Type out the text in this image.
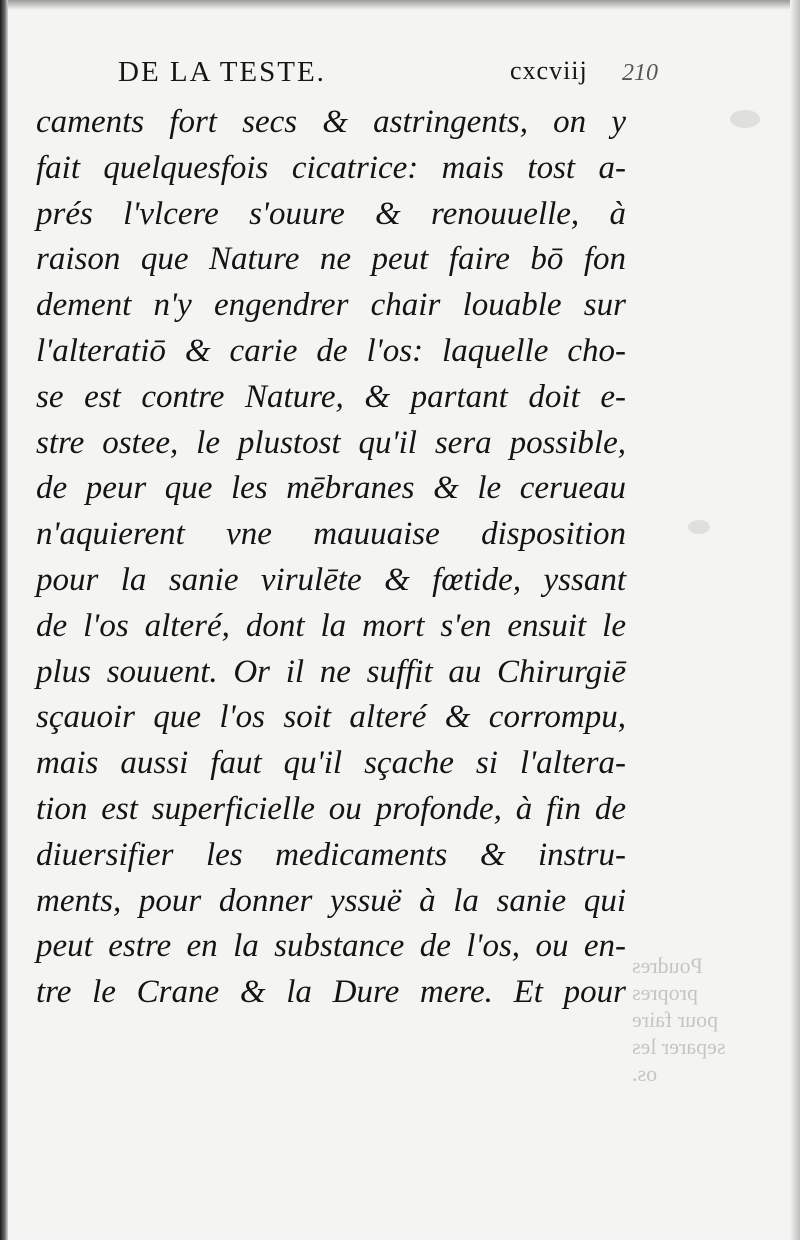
DE LA TESTE.	cxcviij 210
caments fort secs & astringents, on y
fait quelquesfois cicatrice: mais tost a-
prés l'vlcere s'ouure & renouuelle, à
raison que Nature ne peut faire bō fon
dement n'y engendrer chair louable sur
l'alteratiō & carie de l'os: laquelle cho-
se est contre Nature, & partant doit e-
stre ostee, le plustost qu'il sera possible,
de peur que les mēbranes & le cerueau
n'aquierent vne mauuaise disposition
pour la sanie virulēte & fœtide, yssant
de l'os alteré, dont la mort s'en ensuit le
plus souuent. Or il ne suffit au Chirurgiē
sçauoir que l'os soit alteré & corrompu,
mais aussi faut qu'il sçache si l'altera-
tion est superficielle ou profonde, à fin de
diuersifier les medicaments & instru-
ments, pour donner yssuë à la sanie qui
peut estre en la substance de l'os, ou en-
tre le Crane & la Dure mere. Et pour
Poudres
propres
pour faire
separer les
os.
